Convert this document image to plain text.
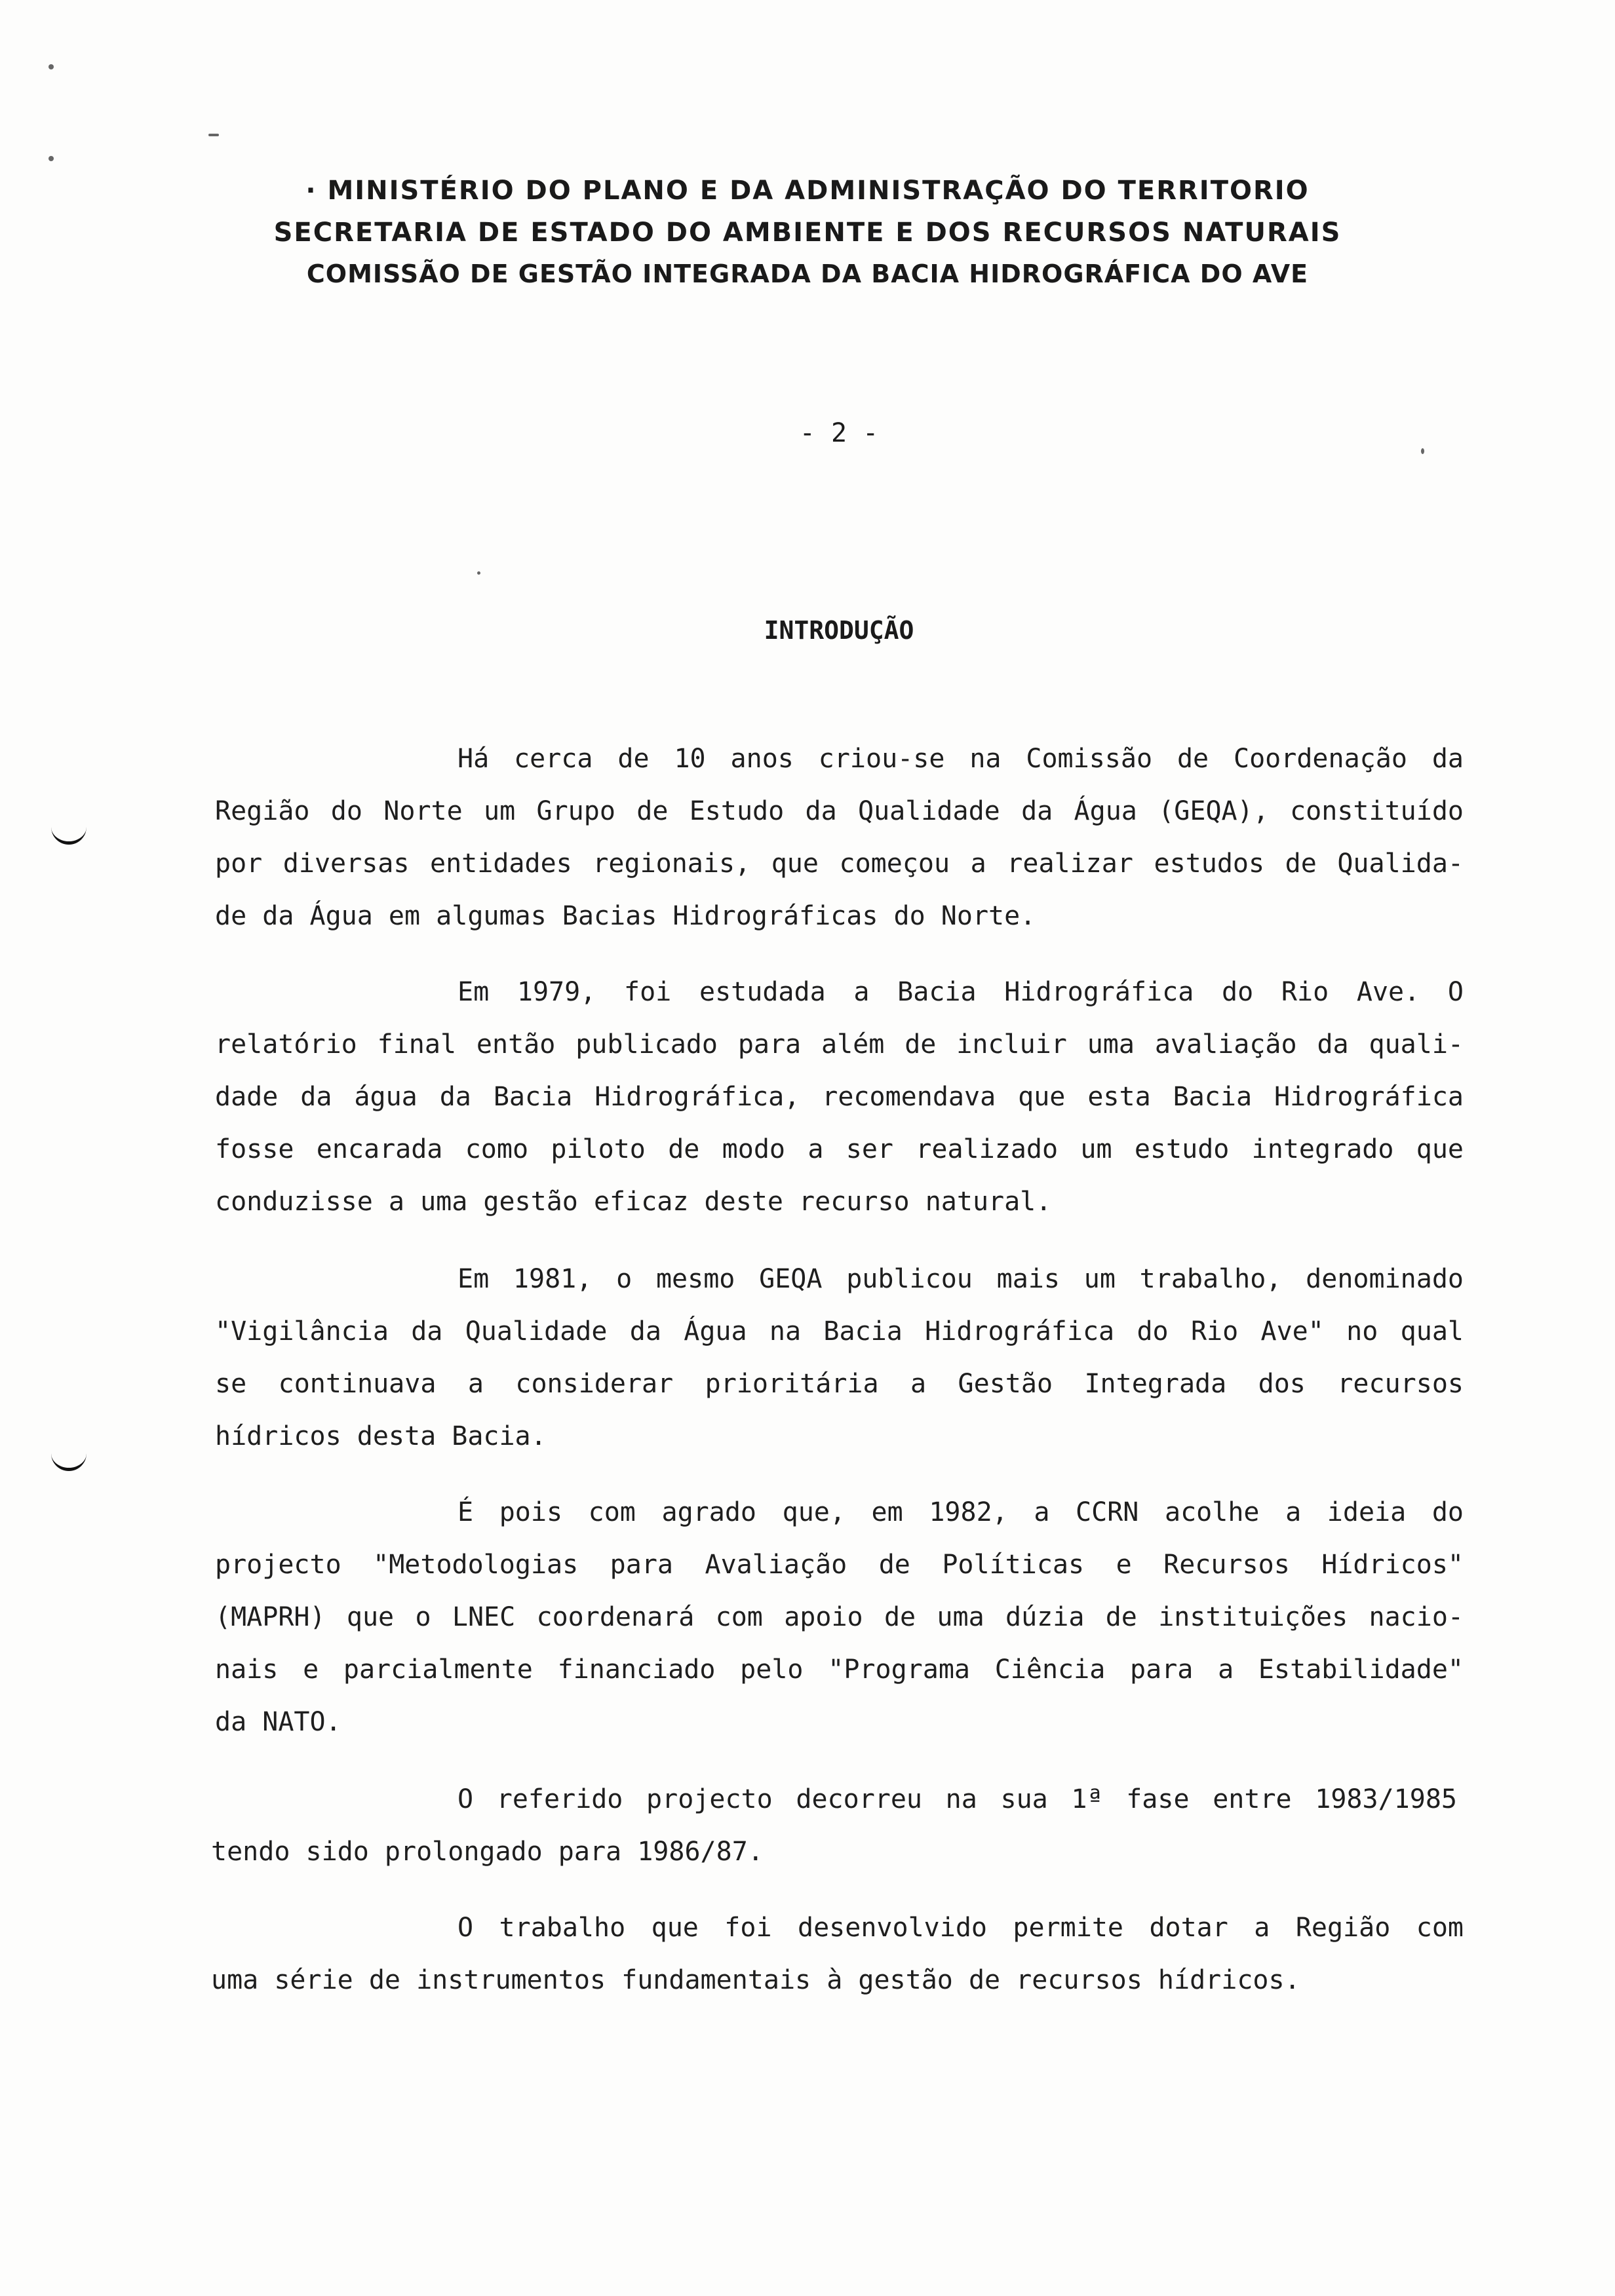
· MINISTÉRIO DO PLANO E DA ADMINISTRAÇÃO DO TERRITORIO
SECRETARIA DE ESTADO DO AMBIENTE E DOS RECURSOS NATURAIS
COMISSÃO DE GESTÃO INTEGRADA DA BACIA HIDROGRÁFICA DO AVE
- 2 -
INTRODUÇÃO
Há cerca de 10 anos criou-se na Comissão de Coordenação da
Região do Norte um Grupo de Estudo da Qualidade da Água (GEQA), constituído
por diversas entidades regionais, que começou a realizar estudos de Qualida-
de da Água em algumas Bacias Hidrográficas do Norte.
Em 1979, foi estudada a Bacia Hidrográfica do Rio Ave. O
relatório final então publicado para além de incluir uma avaliação da quali-
dade da água da Bacia Hidrográfica, recomendava que esta Bacia Hidrográfica
fosse encarada como piloto de modo a ser realizado um estudo integrado que
conduzisse a uma gestão eficaz deste recurso natural.
Em 1981, o mesmo GEQA publicou mais um trabalho, denominado
"Vigilância da Qualidade da Água na Bacia Hidrográfica do Rio Ave" no qual
se continuava a considerar prioritária a Gestão Integrada dos recursos
hídricos desta Bacia.
É pois com agrado que, em 1982, a CCRN acolhe a ideia do
projecto "Metodologias para Avaliação de Políticas e Recursos Hídricos"
(MAPRH) que o LNEC coordenará com apoio de uma dúzia de instituições nacio-
nais e parcialmente financiado pelo "Programa Ciência para a Estabilidade"
da NATO.
O referido projecto decorreu na sua 1ª fase entre 1983/1985
tendo sido prolongado para 1986/87.
O trabalho que foi desenvolvido permite dotar a Região com
uma série de instrumentos fundamentais à gestão de recursos hídricos.
